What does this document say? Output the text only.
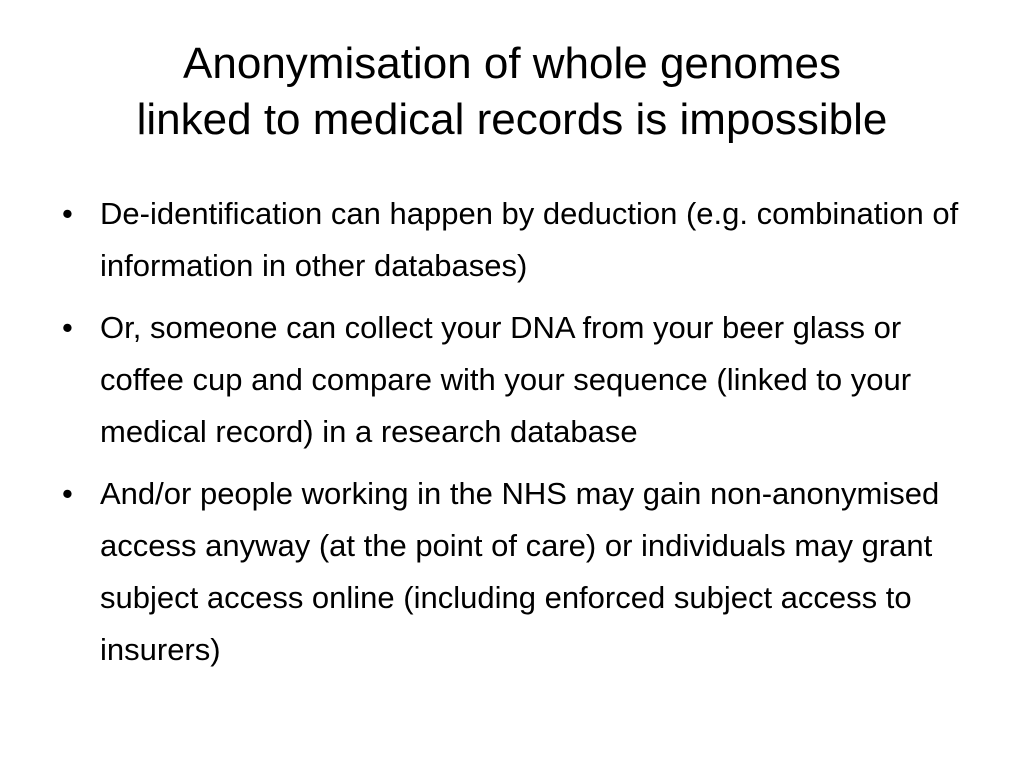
Anonymisation of whole genomes
linked to medical records is impossible
• De-identification can happen by deduction (e.g. combination of information in other databases)
• Or, someone can collect your DNA from your beer glass or coffee cup and compare with your sequence (linked to your medical record) in a research database
• And/or people working in the NHS may gain non-anonymised access anyway (at the point of care) or individuals may grant subject access online (including enforced subject access to insurers)
